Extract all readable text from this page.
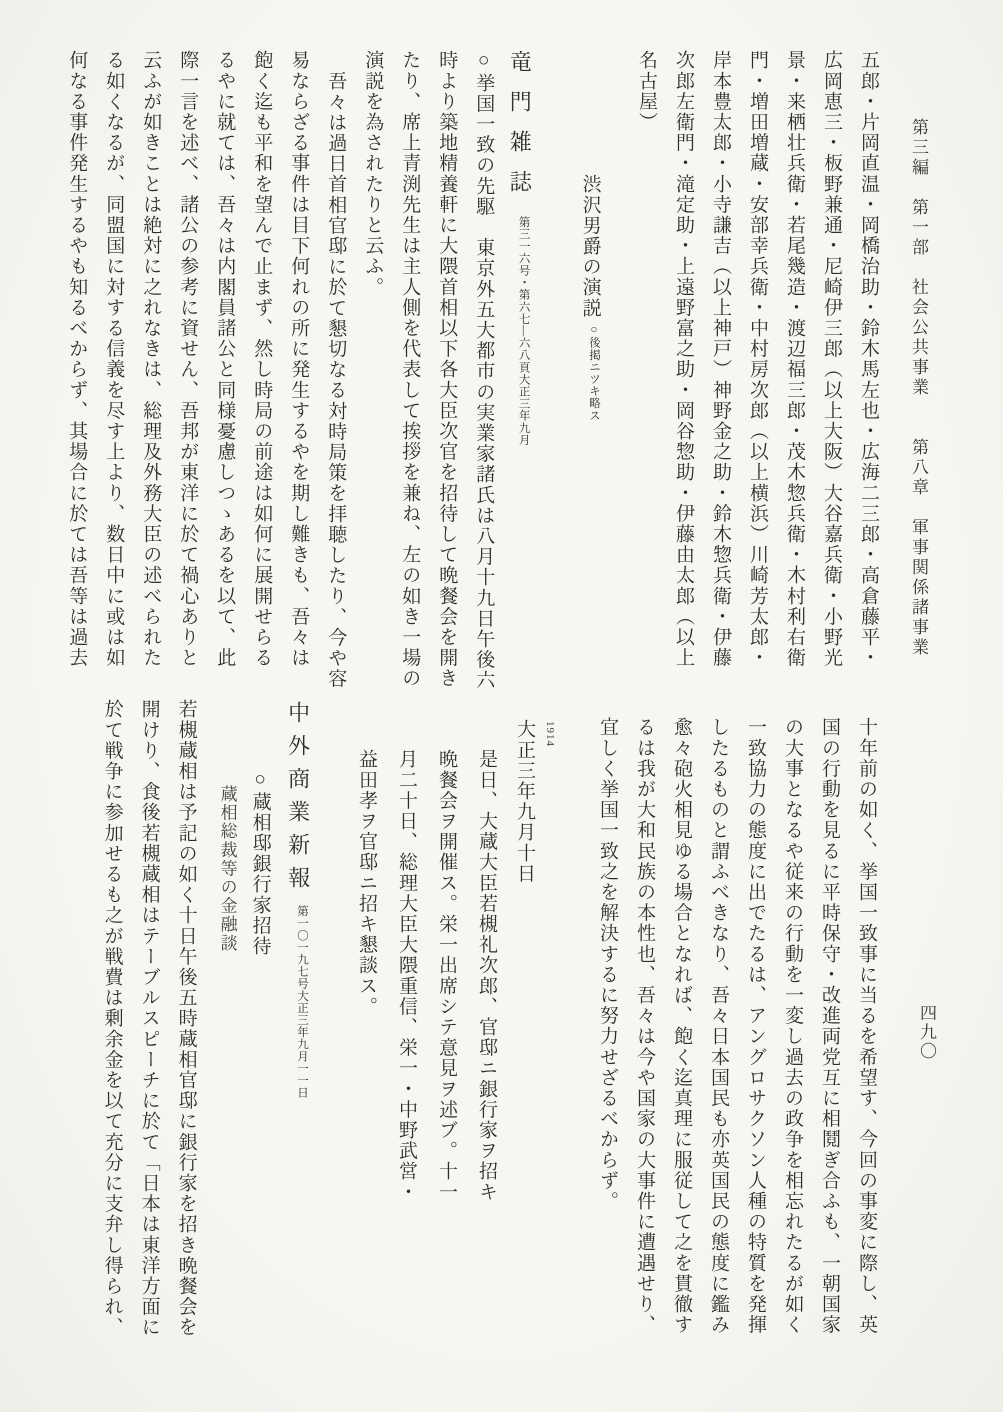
第三編　第一部　社会公共事業　　第八章　軍事関係諸事業
四九〇
五郎・片岡直温・岡橋治助・鈴木馬左也・広海二三郎・高倉藤平・
広岡恵三・板野兼通・尼崎伊三郎（以上大阪）大谷嘉兵衛・小野光
景・来栖壮兵衛・若尾幾造・渡辺福三郎・茂木惣兵衛・木村利右衛
門・増田増蔵・安部幸兵衛・中村房次郎（以上横浜）川崎芳太郎・
岸本豊太郎・小寺謙吉（以上神戸）神野金之助・鈴木惣兵衛・伊藤
次郎左衛門・滝定助・上遠野富之助・岡谷惣助・伊藤由太郎（以上
名古屋）
渋沢男爵の演説○後掲ニツキ略ス
竜門雑誌第三一六号・第六七―六八頁大正三年九月
○挙国一致の先駆　東京外五大都市の実業家諸氏は八月十九日午後六
時より築地精養軒に大隈首相以下各大臣次官を招待して晩餐会を開き
たり、席上青渕先生は主人側を代表して挨拶を兼ね、左の如き一場の
演説を為されたりと云ふ。
吾々は過日首相官邸に於て懇切なる対時局策を拝聴したり、今や容
易ならざる事件は目下何れの所に発生するやを期し難きも、吾々は
飽く迄も平和を望んで止まず、然し時局の前途は如何に展開せらる
るやに就ては、吾々は内閣員諸公と同様憂慮しつゝあるを以て、此
際一言を述べ、諸公の参考に資せん、吾邦が東洋に於て禍心ありと
云ふが如きことは絶対に之れなきは、総理及外務大臣の述べられた
る如くなるが、同盟国に対する信義を尽す上より、数日中に或は如
何なる事件発生するやも知るべからず、其場合に於ては吾等は過去
十年前の如く、挙国一致事に当るを希望す、今回の事変に際し、英
国の行動を見るに平時保守・改進両党互に相鬩ぎ合ふも、一朝国家
の大事となるや従来の行動を一変し過去の政争を相忘れたるが如く
一致協力の態度に出でたるは、アングロサクソン人種の特質を発揮
したるものと謂ふべきなり、吾々日本国民も亦英国民の態度に鑑み
愈々砲火相見ゆる場合となれば、飽く迄真理に服従して之を貫徹す
るは我が大和民族の本性也、吾々は今や国家の大事件に遭遇せり、
宜しく挙国一致之を解決するに努力せざるべからず。
1914
大正三年九月十日
是日、大蔵大臣若槻礼次郎、官邸ニ銀行家ヲ招キ
晩餐会ヲ開催ス。栄一出席シテ意見ヲ述ブ。十一
月二十日、総理大臣大隈重信、栄一・中野武営・
益田孝ヲ官邸ニ招キ懇談ス。
中外商業新報第一〇一九七号大正三年九月一一日
○蔵相邸銀行家招待
蔵相総裁等の金融談
若槻蔵相は予記の如く十日午後五時蔵相官邸に銀行家を招き晩餐会を
開けり、食後若槻蔵相はテーブルスピーチに於て「日本は東洋方面に
於て戦争に参加せるも之が戦費は剰余金を以て充分に支弁し得られ、
